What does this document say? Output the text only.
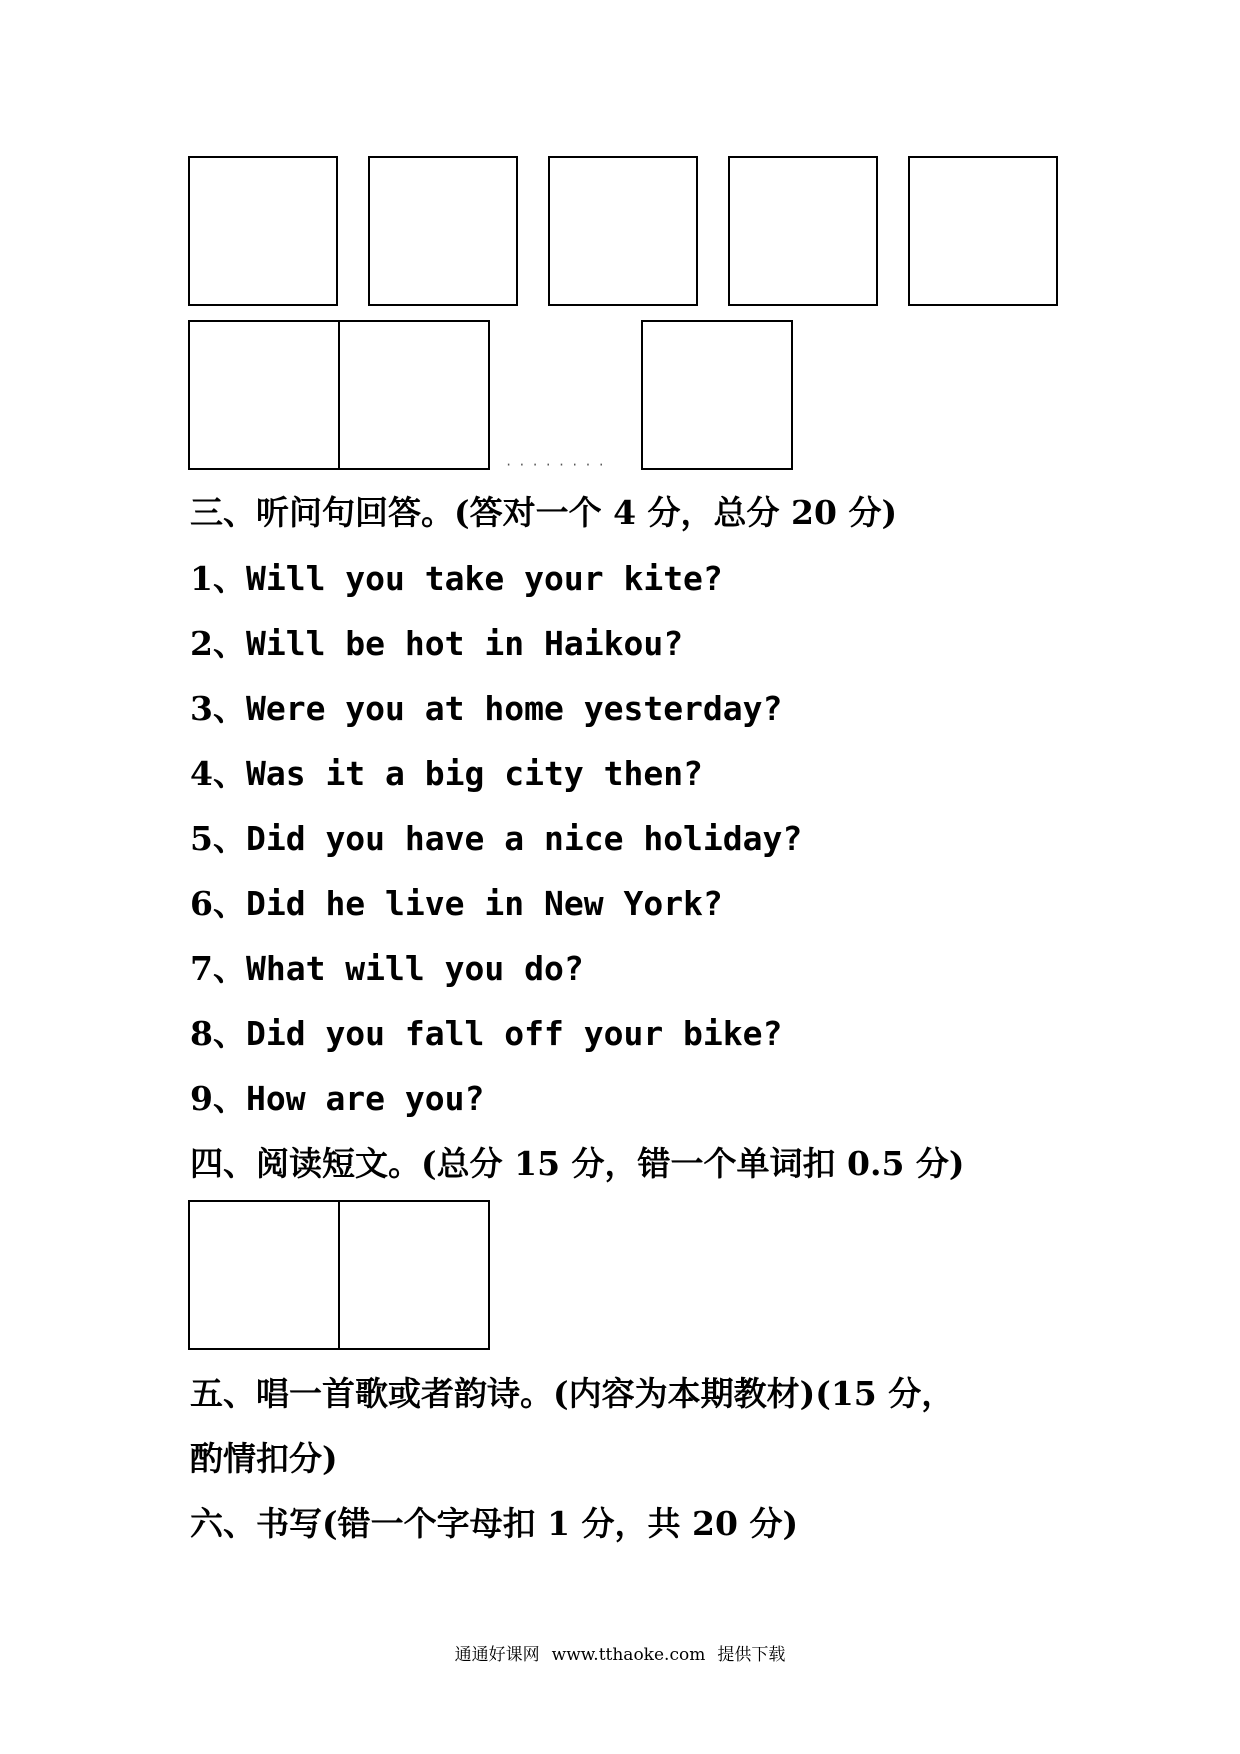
········
三、听问句回答。(答对一个 4 分，总分 20 分)
1、Will you take your kite?
2、Will be hot in Haikou?
3、Were you at home yesterday?
4、Was it a big city then?
5、Did you have a nice holiday?
6、Did he live in New York?
7、What will you do?
8、Did you fall off your bike?
9、How are you?
四、阅读短文。(总分 15 分，错一个单词扣 0.5 分)
五、唱一首歌或者韵诗。(内容为本期教材)(15 分，
酌情扣分)
六、书写(错一个字母扣 1 分，共 20 分)
通通好课网 www.tthaoke.com 提供下载
